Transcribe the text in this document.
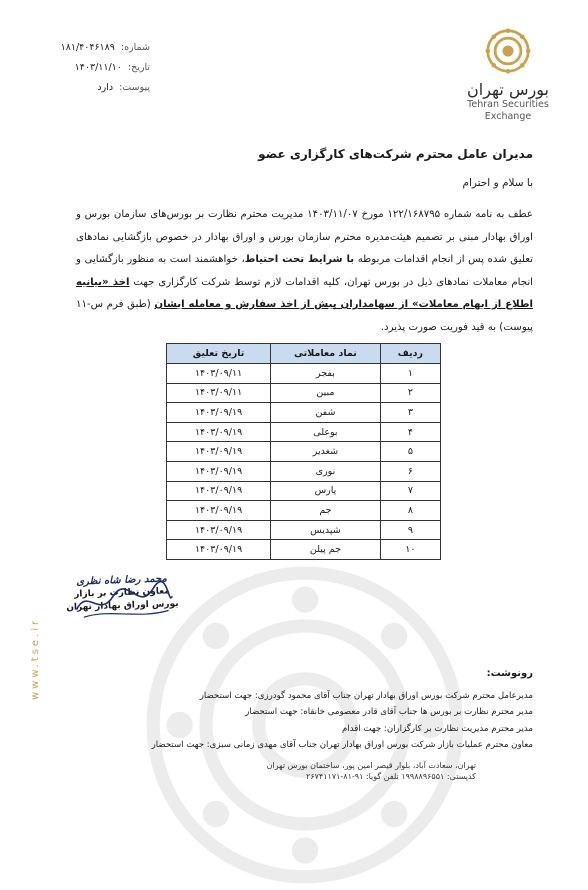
www.tse.ir
بورس تهران
Tehran Securities
Exchange
شماره:
۱۸۱/۴۰۴۶۱۸۹
تاریخ:
۱۴۰۳/۱۱/۱۰
پیوست:
دارد
مدیران عامل محترم شرکت‌های کارگزاری عضو
با سلام و احترام
عطف به نامه شماره ۱۲۲/۱۶۸۷۹۵ مورخ ۱۴۰۳/۱۱/۰۷ مدیریت محترم نظارت بر بورس‌های سازمان بورس و اوراق بهادار مبنی بر تصمیم هیئت‌مدیره محترم سازمان بورس و اوراق بهادار در خصوص بازگشایی نمادهای تعلیق شده پس از انجام اقدامات مربوطه با شرایط تحت احتیاط، خواهشمند است به منظور بازگشایی و انجام معاملات نمادهای ذیل در بورس تهران، کلیه اقدامات لازم توسط شرکت کارگزاری جهت اخذ «بیانیه اطلاع از ابهام معاملات» از سهامداران پیش از اخذ سفارش و معامله ایشان (طبق فرم س-۱۱ پیوست) به قید فوریت صورت پذیرد.
ردیف	نماد معاملاتی	تاریخ تعلیق
۱	بفجر	۱۴۰۳/۰۹/۱۱
۲	مبین	۱۴۰۳/۰۹/۱۱
۳	شفن	۱۴۰۳/۰۹/۱۹
۴	بوعلی	۱۴۰۳/۰۹/۱۹
۵	شغدیر	۱۴۰۳/۰۹/۱۹
۶	نوری	۱۴۰۳/۰۹/۱۹
۷	پارس	۱۴۰۳/۰۹/۱۹
۸	جم	۱۴۰۳/۰۹/۱۹
۹	شپدیس	۱۴۰۳/۰۹/۱۹
۱۰	جم پیلن	۱۴۰۳/۰۹/۱۹
محمد رضا شاه نظری
معاون نظارت بر بازار
بورس اوراق بهادار تهران
رونوشت:
مدیرعامل محترم شرکت بورس اوراق بهادار تهران جناب آقای محمود گودرزی: جهت استحضار
مدیر محترم نظارت بر بورس ها جناب آقای قادر معصومی خانقاه: جهت استحضار
مدیر محترم مدیریت نظارت بر کارگزاران: جهت اقدام
معاون محترم عملیات بازار شرکت بورس اوراق بهادار تهران جناب آقای مهدی زمانی سبزی: جهت استحضار
تهران، سعادت آباد، بلوار قیصر امین پور، ساختمان بورس تهران
کدپستی: ۱۹۹۸۸۹۶۵۵۱ تلفن گویا: ۹۱-۸۱-۲۶۷۴۱۱۷۱
